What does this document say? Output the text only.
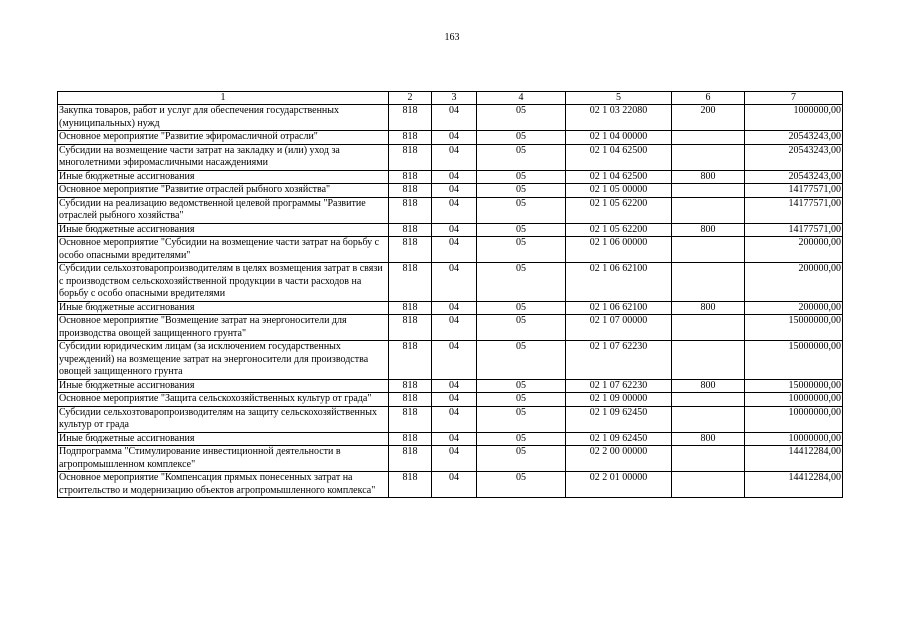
163
1	2	3	4	5	6	7
Закупка товаров, работ и услуг для обеспечения государственных (муниципальных) нужд	818	04	05	02 1 03 22080	200	1000000,00
Основное мероприятие "Развитие эфиромасличной отрасли"	818	04	05	02 1 04 00000		20543243,00
Субсидии на возмещение части затрат на закладку и (или) уход за многолетними эфиромасличными насаждениями	818	04	05	02 1 04 62500		20543243,00
Иные бюджетные ассигнования	818	04	05	02 1 04 62500	800	20543243,00
Основное мероприятие "Развитие отраслей рыбного хозяйства"	818	04	05	02 1 05 00000		14177571,00
Субсидии на реализацию ведомственной целевой программы "Развитие отраслей рыбного хозяйства"	818	04	05	02 1 05 62200		14177571,00
Иные бюджетные ассигнования	818	04	05	02 1 05 62200	800	14177571,00
Основное мероприятие "Субсидии на возмещение части затрат на борьбу с особо опасными вредителями"	818	04	05	02 1 06 00000		200000,00
Субсидии сельхозтоваропроизводителям в целях возмещения затрат в связи с производством сельскохозяйственной продукции в части расходов на борьбу с особо опасными вредителями	818	04	05	02 1 06 62100		200000,00
Иные бюджетные ассигнования	818	04	05	02 1 06 62100	800	200000,00
Основное мероприятие "Возмещение затрат на энергоносители для производства овощей защищенного грунта"	818	04	05	02 1 07 00000		15000000,00
Субсидии юридическим лицам (за исключением государственных учреждений) на возмещение затрат на энергоносители для производства овощей защищенного грунта	818	04	05	02 1 07 62230		15000000,00
Иные бюджетные ассигнования	818	04	05	02 1 07 62230	800	15000000,00
Основное мероприятие "Защита сельскохозяйственных культур от града"	818	04	05	02 1 09 00000		10000000,00
Субсидии сельхозтоваропроизводителям на защиту сельскохозяйственных культур от града	818	04	05	02 1 09 62450		10000000,00
Иные бюджетные ассигнования	818	04	05	02 1 09 62450	800	10000000,00
Подпрограмма "Стимулирование инвестиционной деятельности в агропромышленном комплексе"	818	04	05	02 2 00 00000		14412284,00
Основное мероприятие "Компенсация прямых понесенных затрат на строительство и модернизацию объектов агропромышленного комплекса"	818	04	05	02 2 01 00000		14412284,00
